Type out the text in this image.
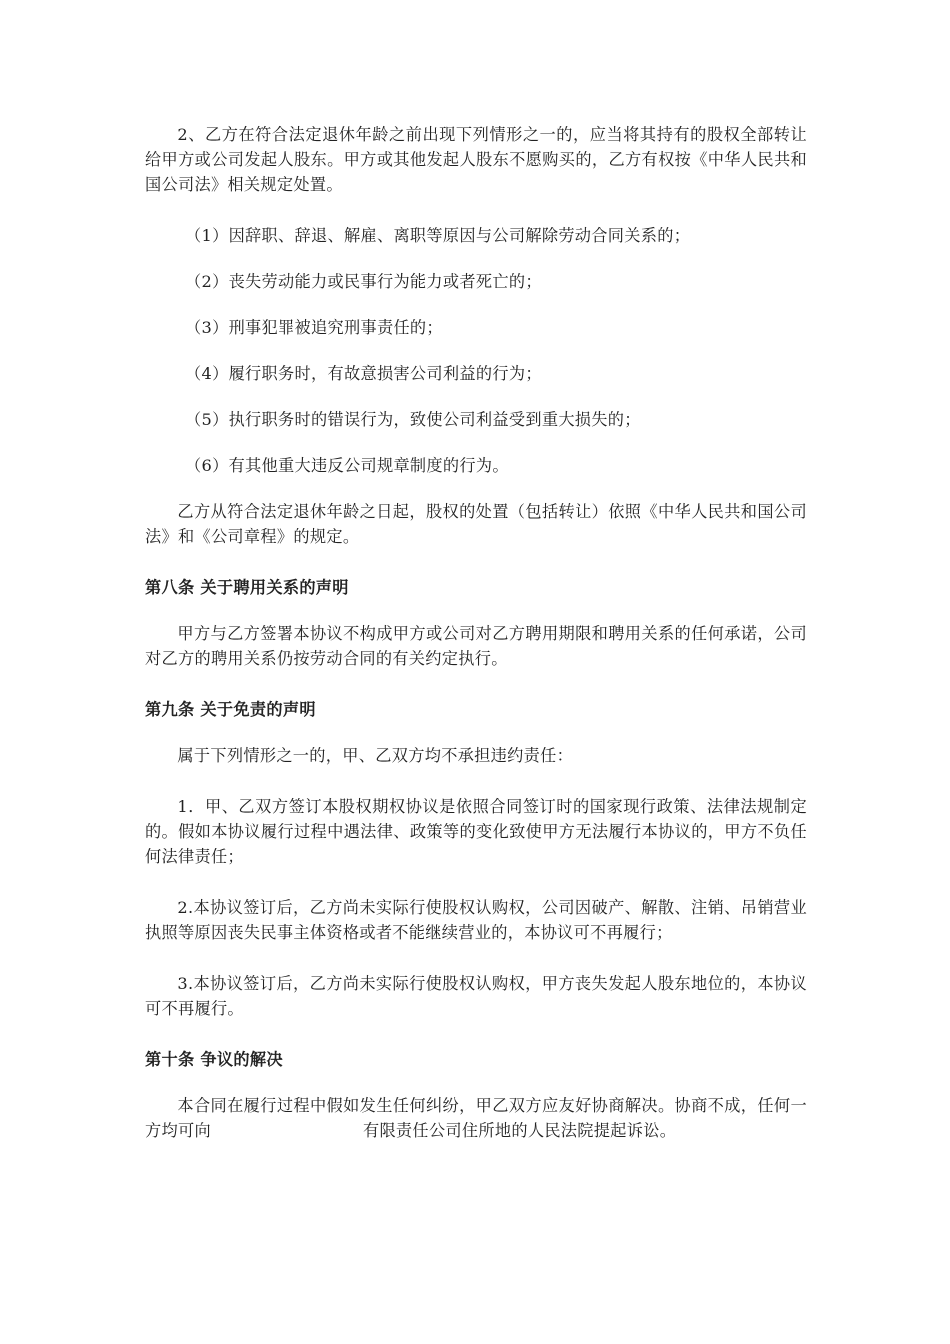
2、乙方在符合法定退休年龄之前出现下列情形之一的，应当将其持有的股权全部转让给甲方或公司发起人股东。甲方或其他发起人股东不愿购买的，乙方有权按《中华人民共和国公司法》相关规定处置。

（1）因辞职、辞退、解雇、离职等原因与公司解除劳动合同关系的；

（2）丧失劳动能力或民事行为能力或者死亡的；

（3）刑事犯罪被追究刑事责任的；

（4）履行职务时，有故意损害公司利益的行为；

（5）执行职务时的错误行为，致使公司利益受到重大损失的；

（6）有其他重大违反公司规章制度的行为。

乙方从符合法定退休年龄之日起，股权的处置（包括转让）依照《中华人民共和国公司法》和《公司章程》的规定。

第八条 关于聘用关系的声明

甲方与乙方签署本协议不构成甲方或公司对乙方聘用期限和聘用关系的任何承诺，公司对乙方的聘用关系仍按劳动合同的有关约定执行。

第九条 关于免责的声明

属于下列情形之一的，甲、乙双方均不承担违约责任：

1．甲、乙双方签订本股权期权协议是依照合同签订时的国家现行政策、法律法规制定的。假如本协议履行过程中遇法律、政策等的变化致使甲方无法履行本协议的，甲方不负任何法律责任；

2.本协议签订后，乙方尚未实际行使股权认购权，公司因破产、解散、注销、吊销营业执照等原因丧失民事主体资格或者不能继续营业的，本协议可不再履行；

3.本协议签订后，乙方尚未实际行使股权认购权，甲方丧失发起人股东地位的，本协议可不再履行。

第十条 争议的解决

本合同在履行过程中假如发生任何纠纷，甲乙双方应友好协商解决。协商不成，任何一方均可向	有限责任公司住所地的人民法院提起诉讼。
